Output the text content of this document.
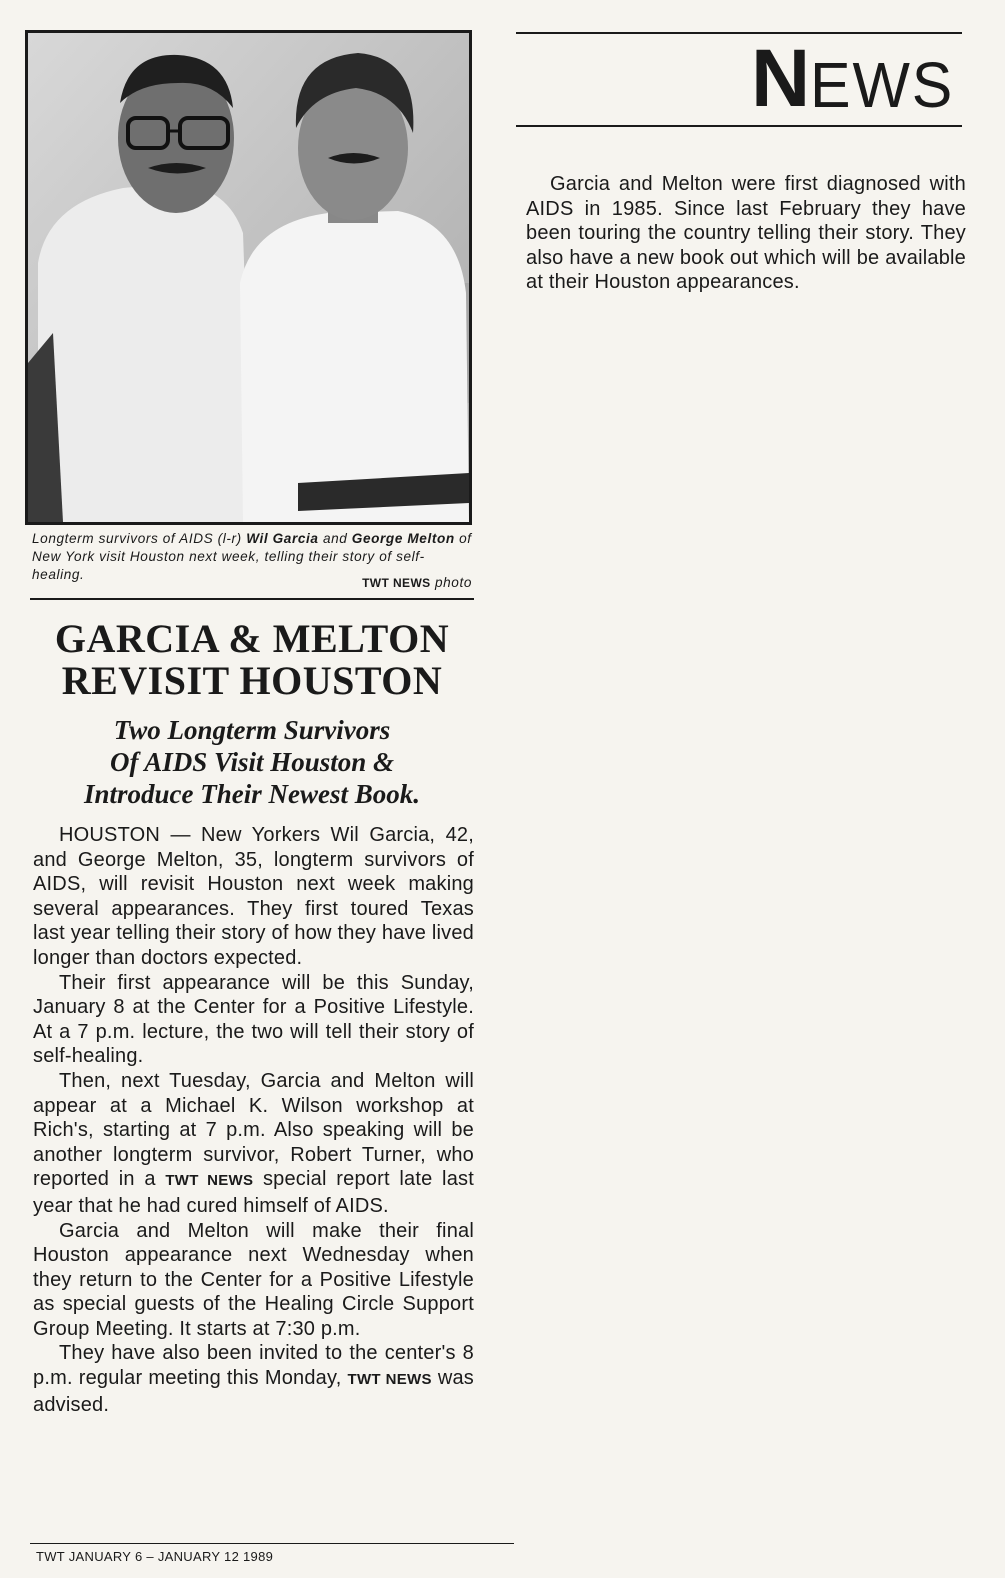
Longterm survivors of AIDS (l-r) Wil Garcia and George Melton of New York visit Houston next week, telling their story of self-healing.
TWT NEWS photo
GARCIA & MELTON
REVISIT HOUSTON
Two Longterm Survivors
Of AIDS Visit Houston &
Introduce Their Newest Book.

HOUSTON — New Yorkers Wil Garcia, 42, and George Melton, 35, longterm survivors of AIDS, will revisit Houston next week making several appearances. They first toured Texas last year telling their story of how they have lived longer than doctors expected.

Their first appearance will be this Sunday, January 8 at the Center for a Positive Lifestyle. At a 7 p.m. lecture, the two will tell their story of self-healing.

Then, next Tuesday, Garcia and Melton will appear at a Michael K. Wilson workshop at Rich's, starting at 7 p.m. Also speaking will be another longterm survivor, Robert Turner, who reported in a TWT NEWS special report late last year that he had cured himself of AIDS.

Garcia and Melton will make their final Houston appearance next Wednesday when they return to the Center for a Positive Lifestyle as special guests of the Healing Circle Support Group Meeting. It starts at 7:30 p.m.

They have also been invited to the center's 8 p.m. regular meeting this Monday, TWT NEWS was advised.

N EWS

Garcia and Melton were first diagnosed with AIDS in 1985. Since last February they have been touring the country telling their story. They also have a new book out which will be available at their Houston appearances.

TWT JANUARY 6 – JANUARY 12 1989
